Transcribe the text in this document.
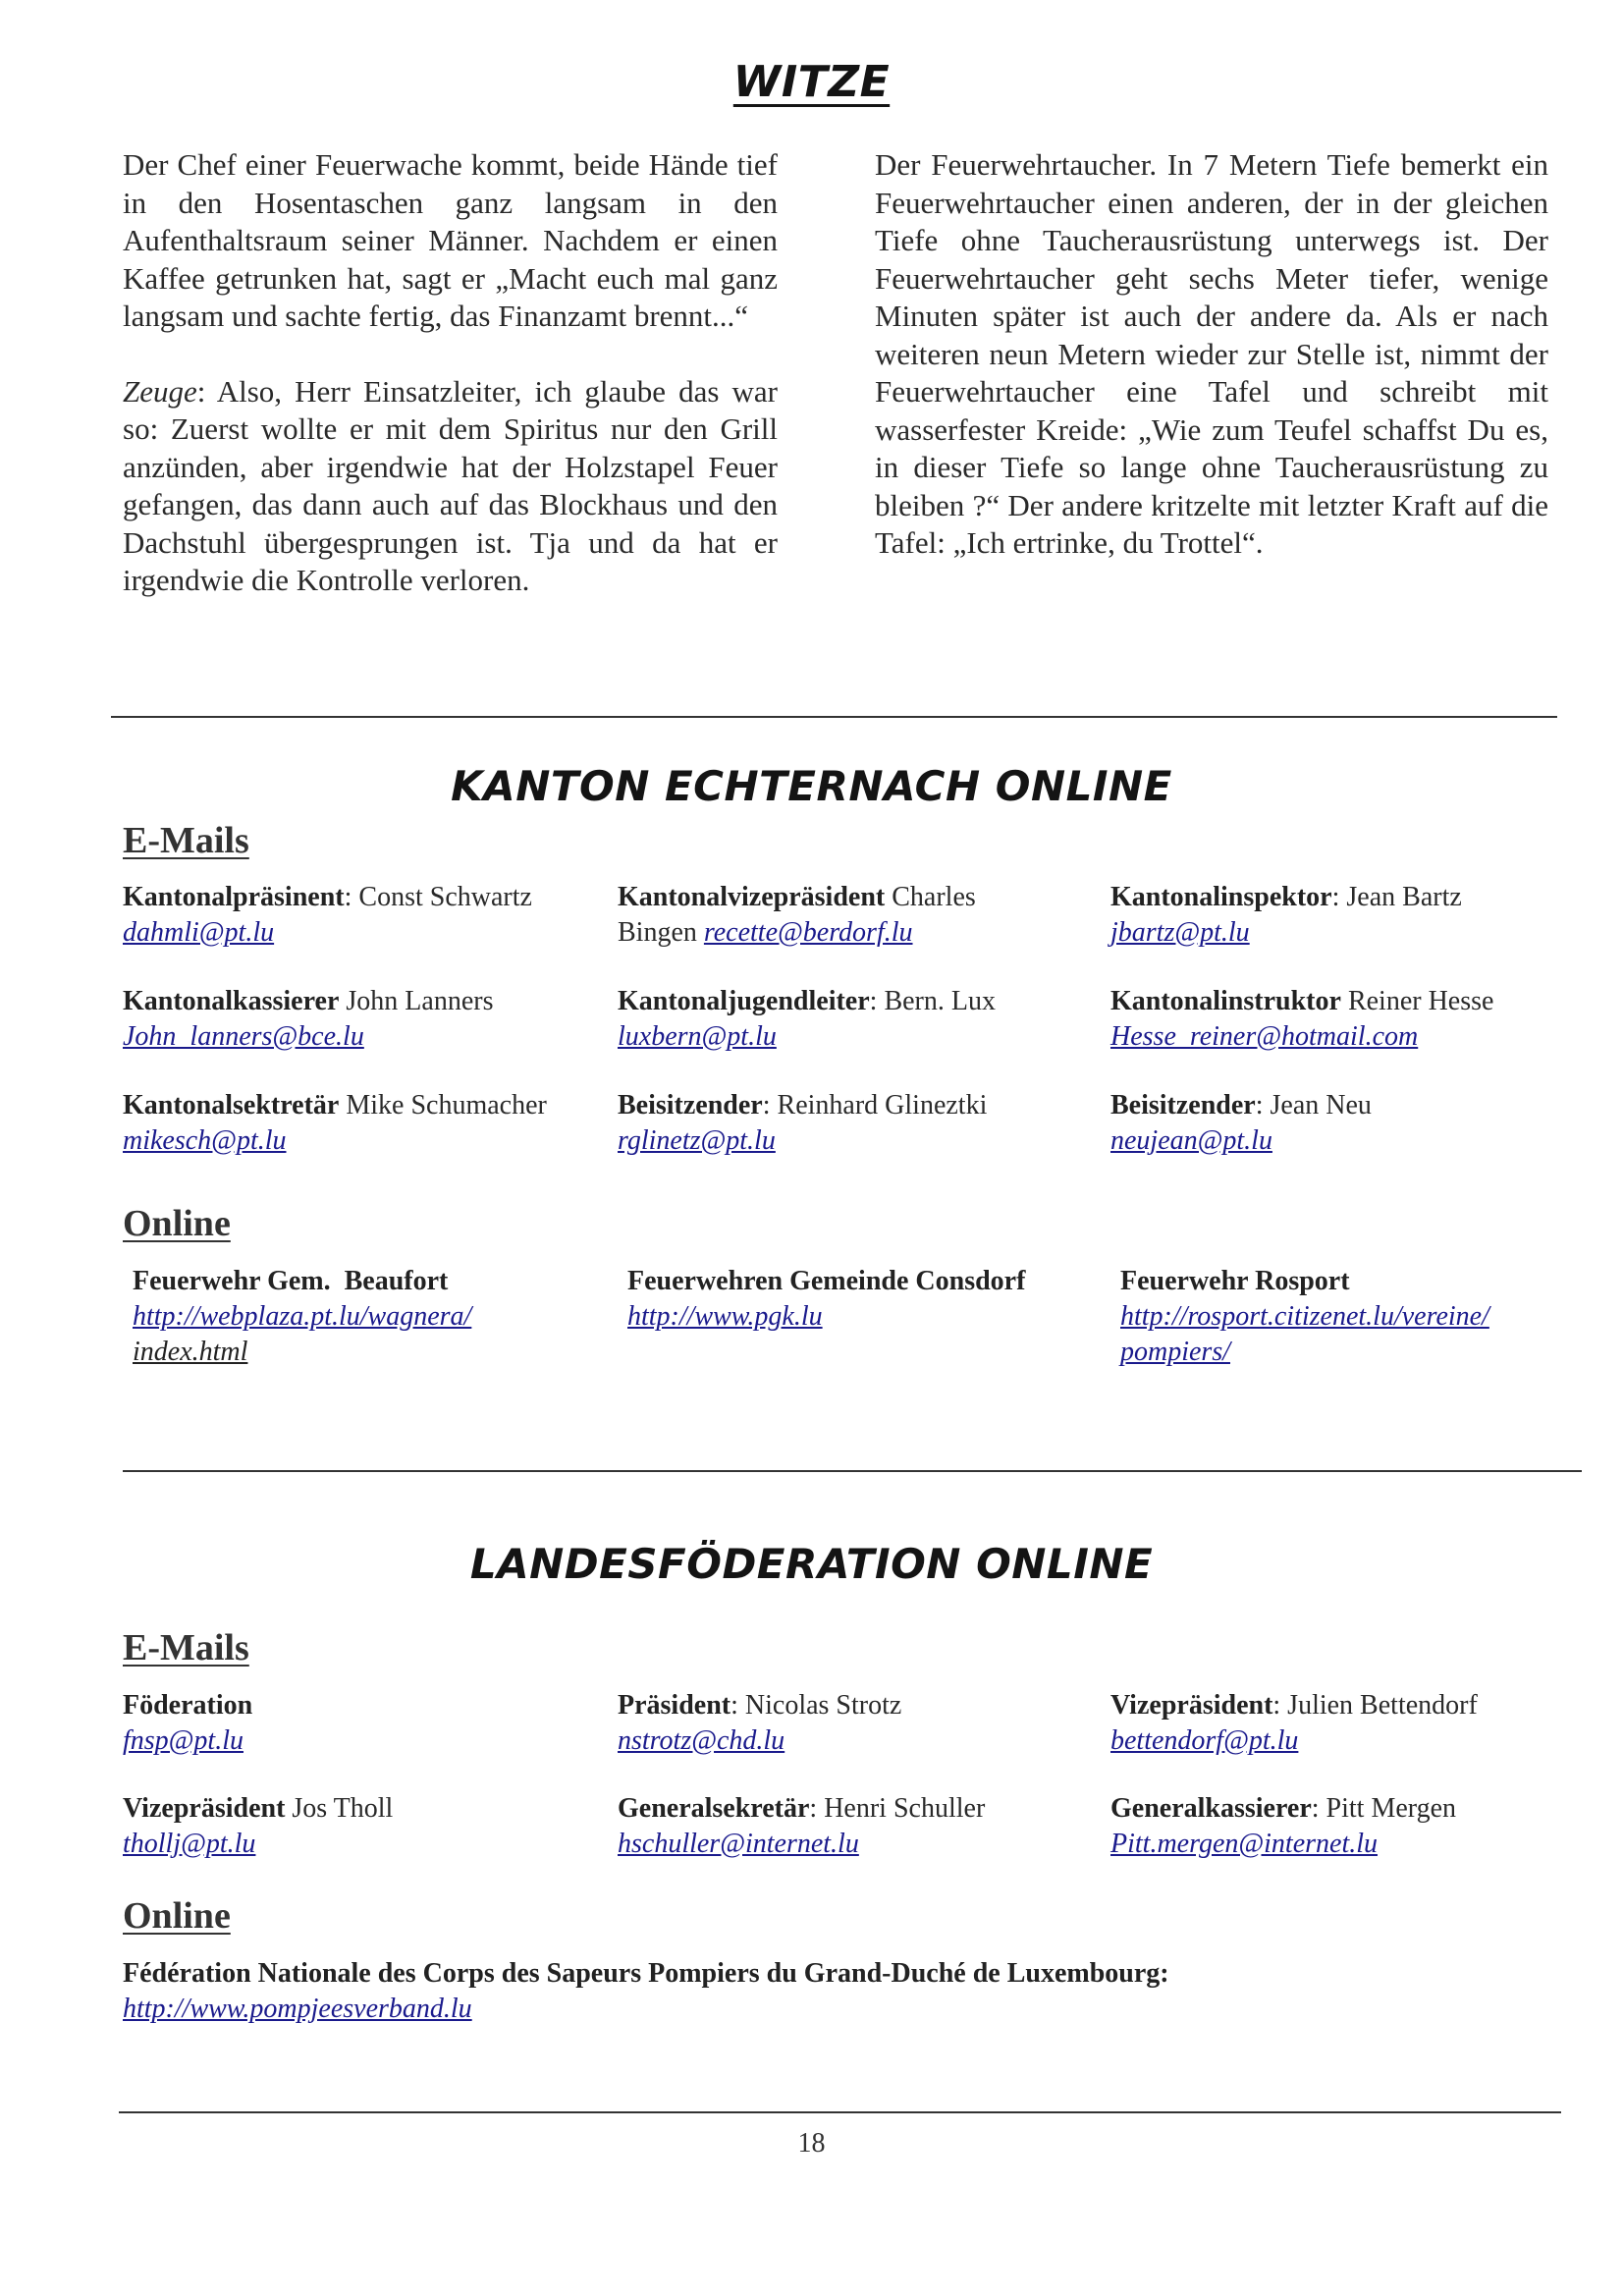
WITZE

Der Chef einer Feuerwache kommt, beide Hände tief in den Hosentaschen ganz langsam in den Aufenthaltsraum seiner Männer. Nachdem er einen Kaffee getrunken hat, sagt er „Macht euch mal ganz langsam und sachte fertig, das Finanzamt brennt...“

Zeuge: Also, Herr Einsatzleiter, ich glaube das war so: Zuerst wollte er mit dem Spiritus nur den Grill anzünden, aber irgendwie hat der Holzstapel Feuer gefangen, das dann auch auf das Blockhaus und den Dachstuhl übergesprungen ist. Tja und da hat er irgendwie die Kontrolle verloren.

Der Feuerwehrtaucher. In 7 Metern Tiefe bemerkt ein Feuerwehrtaucher einen anderen, der in der gleichen Tiefe ohne Taucherausrüstung unterwegs ist. Der Feuerwehrtaucher geht sechs Meter tiefer, wenige Minuten später ist auch der andere da. Als er nach weiteren neun Metern wieder zur Stelle ist, nimmt der Feuerwehrtaucher eine Tafel und schreibt mit wasserfester Kreide: „Wie zum Teufel schaffst Du es, in dieser Tiefe so lange ohne Taucherausrüstung zu bleiben ?“ Der andere kritzelte mit letzter Kraft auf die Tafel: „Ich ertrinke, du Trottel“.

KANTON ECHTERNACH ONLINE
E-Mails
Kantonalpräsinent: Const Schwartz
dahmli@pt.lu
Kantonalvizepräsident Charles Bingen recette@berdorf.lu
Kantonalinspektor: Jean Bartz
jbartz@pt.lu
Kantonalkassierer John Lanners
John_lanners@bce.lu
Kantonaljugendleiter: Bern. Lux
luxbern@pt.lu
Kantonalinstruktor Reiner Hesse
Hesse_reiner@hotmail.com
Kantonalsektretär Mike Schumacher
mikesch@pt.lu
Beisitzender: Reinhard Glineztki
rglinetz@pt.lu
Beisitzender: Jean Neu
neujean@pt.lu
Online
Feuerwehr Gem.  Beaufort
http://webplaza.pt.lu/wagnera/
index.html
Feuerwehren Gemeinde Consdorf
http://www.pgk.lu
Feuerwehr Rosport
http://rosport.citizenet.lu/vereine/
pompiers/
LANDESFÖDERATION ONLINE
E-Mails
Föderation
fnsp@pt.lu
Präsident: Nicolas Strotz
nstrotz@chd.lu
Vizepräsident: Julien Bettendorf
bettendorf@pt.lu
Vizepräsident Jos Tholl
thollj@pt.lu
Generalsekretär: Henri Schuller
hschuller@internet.lu
Generalkassierer: Pitt Mergen
Pitt.mergen@internet.lu
Online
Fédération Nationale des Corps des Sapeurs Pompiers du Grand-Duché de Luxembourg:
http://www.pompjeesverband.lu
18
